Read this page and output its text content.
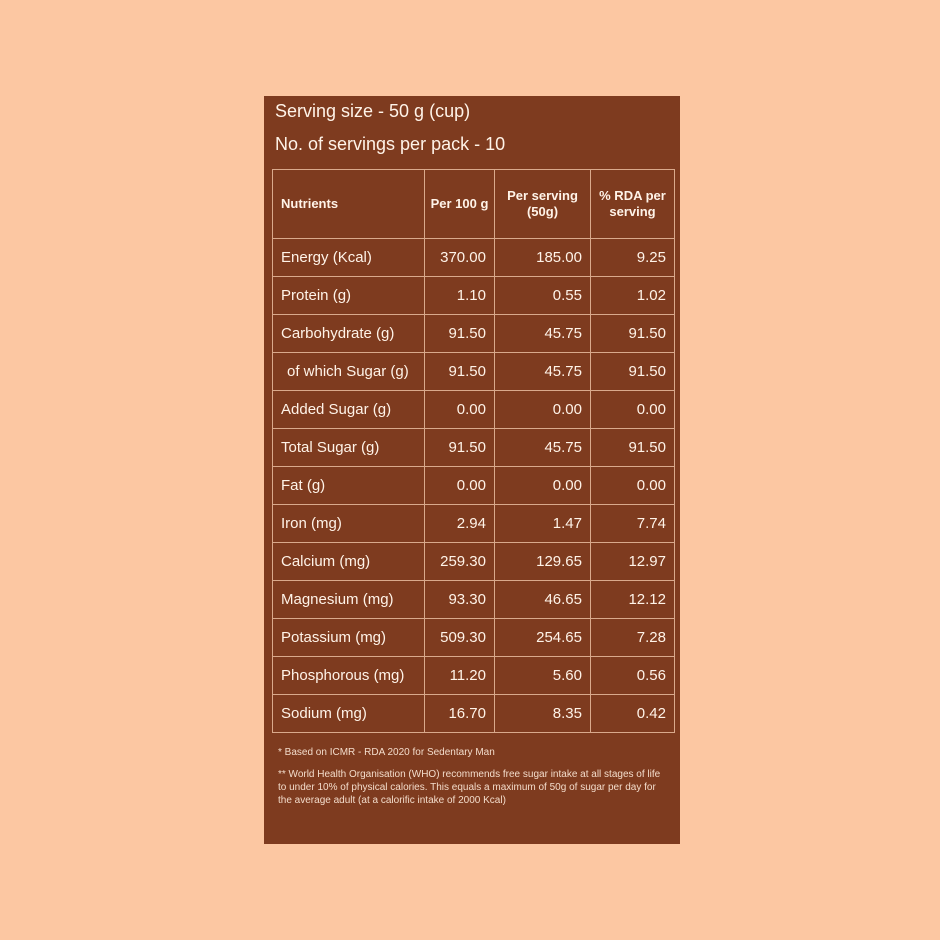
Serving size - 50 g (cup)
No. of servings per pack - 10
Nutrients	Per 100 g	Per serving (50g)	% RDA per serving
Energy (Kcal)	370.00	185.00	9.25
Protein (g)	1.10	0.55	1.02
Carbohydrate (g)	91.50	45.75	91.50
of which Sugar (g)	91.50	45.75	91.50
Added Sugar (g)	0.00	0.00	0.00
Total Sugar (g)	91.50	45.75	91.50
Fat (g)	0.00	0.00	0.00
Iron (mg)	2.94	1.47	7.74
Calcium (mg)	259.30	129.65	12.97
Magnesium (mg)	93.30	46.65	12.12
Potassium (mg)	509.30	254.65	7.28
Phosphorous (mg)	11.20	5.60	0.56
Sodium (mg)	16.70	8.35	0.42
* Based on ICMR - RDA 2020 for Sedentary Man
** World Health Organisation (WHO) recommends free sugar intake at all stages of life to under 10% of physical calories. This equals a maximum of 50g of sugar per day for the average adult (at a calorific intake of 2000 Kcal)
